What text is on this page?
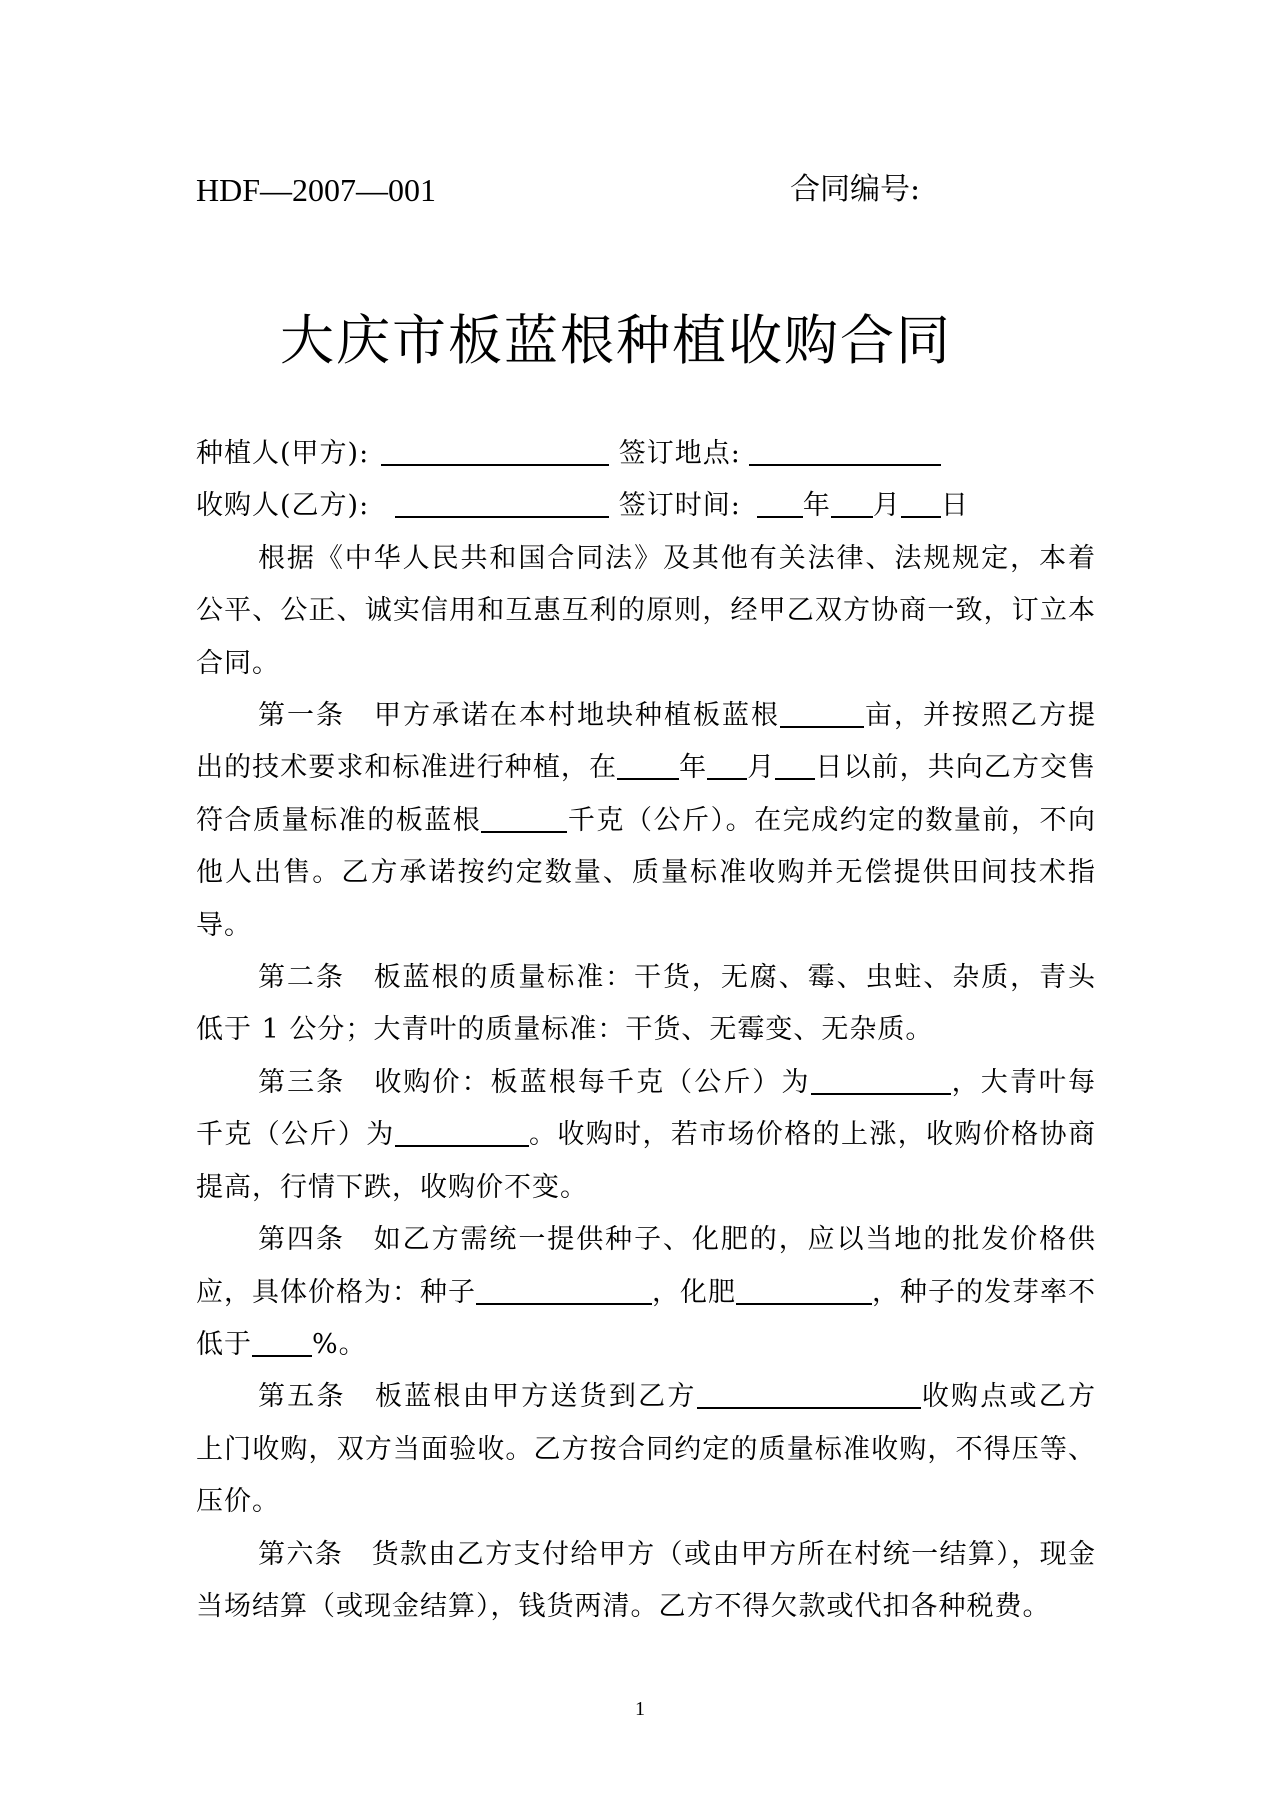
HDF—2007—001	合同编号:
大庆市板蓝根种植收购合同

种植人(甲方):	签订地点:

收购人(乙方):	签订时间: 年 月 日

根据《中华人民共和国合同法》及其他有关法律、法规规定，本着公平、公正、诚实信用和互惠互利的原则，经甲乙双方协商一致，订立本合同。

第一条　甲方承诺在本村地块种植板蓝根	亩，并按照乙方提出的技术要求和标准进行种植，在 年 月 日以前，共向乙方交售符合质量标准的板蓝根	千克（公斤）。在完成约定的数量前，不向他人出售。乙方承诺按约定数量、质量标准收购并无偿提供田间技术指导。

第二条　板蓝根的质量标准：干货，无腐、霉、虫蛀、杂质，青头低于 1 公分；大青叶的质量标准：干货、无霉变、无杂质。

第三条　收购价：板蓝根每千克（公斤）为	，大青叶每千克（公斤）为	。收购时，若市场价格的上涨，收购价格协商提高，行情下跌，收购价不变。

第四条　如乙方需统一提供种子、化肥的，应以当地的批发价格供应，具体价格为：种子	，化肥	，种子的发芽率不低于 %。

第五条　板蓝根由甲方送货到乙方	收购点或乙方上门收购，双方当面验收。乙方按合同约定的质量标准收购，不得压等、压价。

第六条　货款由乙方支付给甲方（或由甲方所在村统一结算），现金当场结算（或现金结算），钱货两清。乙方不得欠款或代扣各种税费。

1
